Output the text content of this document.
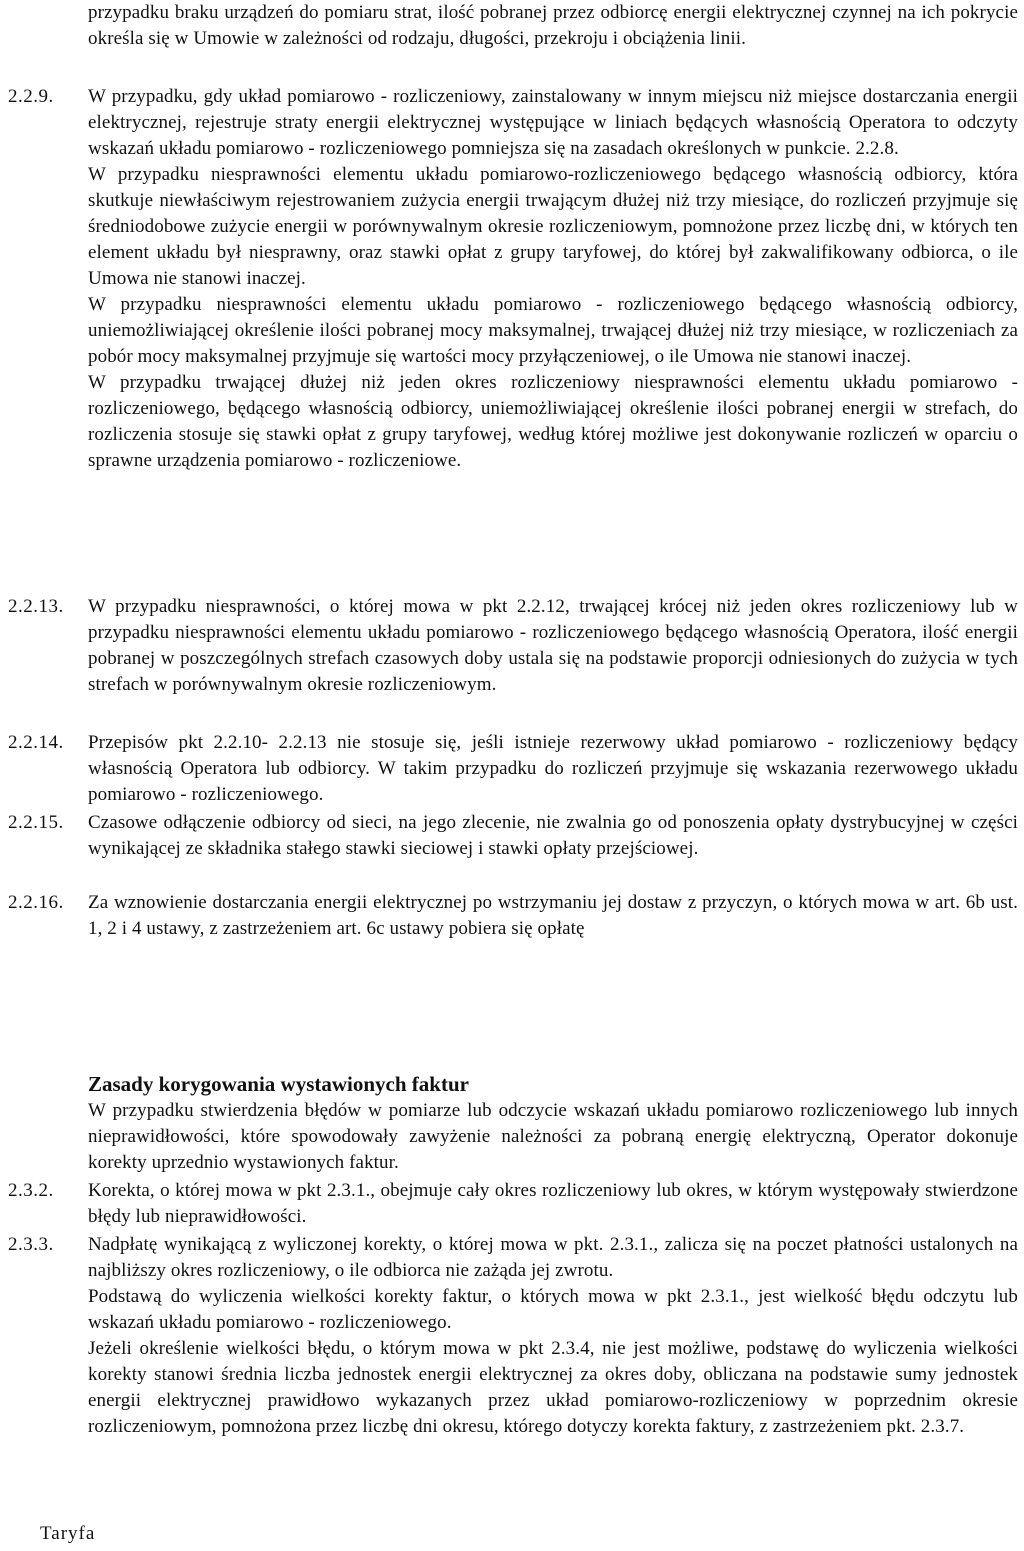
przypadku braku urządzeń do pomiaru strat, ilość pobranej przez odbiorcę energii elektrycznej czynnej na ich pokrycie określa się w Umowie w zależności od rodzaju, długości, przekroju i obciążenia linii.

2.2.9. W przypadku, gdy układ pomiarowo - rozliczeniowy, zainstalowany w innym miejscu niż miejsce dostarczania energii elektrycznej, rejestruje straty energii elektrycznej występujące w liniach będących własnością Operatora to odczyty wskazań układu pomiarowo - rozliczeniowego pomniejsza się na zasadach określonych w punkcie. 2.2.8.

W przypadku niesprawności elementu układu pomiarowo-rozliczeniowego będącego własnością odbiorcy, która skutkuje niewłaściwym rejestrowaniem zużycia energii trwającym dłużej niż trzy miesiące, do rozliczeń przyjmuje się średniodobowe zużycie energii w porównywalnym okresie rozliczeniowym, pomnożone przez liczbę dni, w których ten element układu był niesprawny, oraz stawki opłat z grupy taryfowej, do której był zakwalifikowany odbiorca, o ile Umowa nie stanowi inaczej.

W przypadku niesprawności elementu układu pomiarowo - rozliczeniowego będącego własnością odbiorcy, uniemożliwiającej określenie ilości pobranej mocy maksymalnej, trwającej dłużej niż trzy miesiące, w rozliczeniach za pobór mocy maksymalnej przyjmuje się wartości mocy przyłączeniowej, o ile Umowa nie stanowi inaczej.

W przypadku trwającej dłużej niż jeden okres rozliczeniowy niesprawności elementu układu pomiarowo - rozliczeniowego, będącego własnością odbiorcy, uniemożliwiającej określenie ilości pobranej energii w strefach, do rozliczenia stosuje się stawki opłat z grupy taryfowej, według której możliwe jest dokonywanie rozliczeń w oparciu o sprawne urządzenia pomiarowo - rozliczeniowe.

2.2.13. W przypadku niesprawności, o której mowa w pkt 2.2.12, trwającej krócej niż jeden okres rozliczeniowy lub w przypadku niesprawności elementu układu pomiarowo - rozliczeniowego będącego własnością Operatora, ilość energii pobranej w poszczególnych strefach czasowych doby ustala się na podstawie proporcji odniesionych do zużycia w tych strefach w porównywalnym okresie rozliczeniowym.

2.2.14. Przepisów pkt 2.2.10- 2.2.13 nie stosuje się, jeśli istnieje rezerwowy układ pomiarowo - rozliczeniowy będący własnością Operatora lub odbiorcy. W takim przypadku do rozliczeń przyjmuje się wskazania rezerwowego układu pomiarowo - rozliczeniowego.

2.2.15. Czasowe odłączenie odbiorcy od sieci, na jego zlecenie, nie zwalnia go od ponoszenia opłaty dystrybucyjnej w części wynikającej ze składnika stałego stawki sieciowej i stawki opłaty przejściowej.

2.2.16. Za wznowienie dostarczania energii elektrycznej po wstrzymaniu jej dostaw z przyczyn, o których mowa w art. 6b ust. 1, 2 i 4 ustawy, z zastrzeżeniem art. 6c ustawy pobiera się opłatę

Zasady korygowania wystawionych faktur

W przypadku stwierdzenia błędów w pomiarze lub odczycie wskazań układu pomiarowo rozliczeniowego lub innych nieprawidłowości, które spowodowały zawyżenie należności za pobraną energię elektryczną, Operator dokonuje korekty uprzednio wystawionych faktur.

2.3.2. Korekta, o której mowa w pkt 2.3.1., obejmuje cały okres rozliczeniowy lub okres, w którym występowały stwierdzone błędy lub nieprawidłowości.

2.3.3. Nadpłatę wynikającą z wyliczonej korekty, o której mowa w pkt. 2.3.1., zalicza się na poczet płatności ustalonych na najbliższy okres rozliczeniowy, o ile odbiorca nie zażąda jej zwrotu.

Podstawą do wyliczenia wielkości korekty faktur, o których mowa w pkt 2.3.1., jest wielkość błędu odczytu lub wskazań układu pomiarowo - rozliczeniowego.

Jeżeli określenie wielkości błędu, o którym mowa w pkt 2.3.4, nie jest możliwe, podstawę do wyliczenia wielkości korekty stanowi średnia liczba jednostek energii elektrycznej za okres doby, obliczana na podstawie sumy jednostek energii elektrycznej prawidłowo wykazanych przez układ pomiarowo-rozliczeniowy w poprzednim okresie rozliczeniowym, pomnożona przez liczbę dni okresu, którego dotyczy korekta faktury, z zastrzeżeniem pkt. 2.3.7.

Taryfa
